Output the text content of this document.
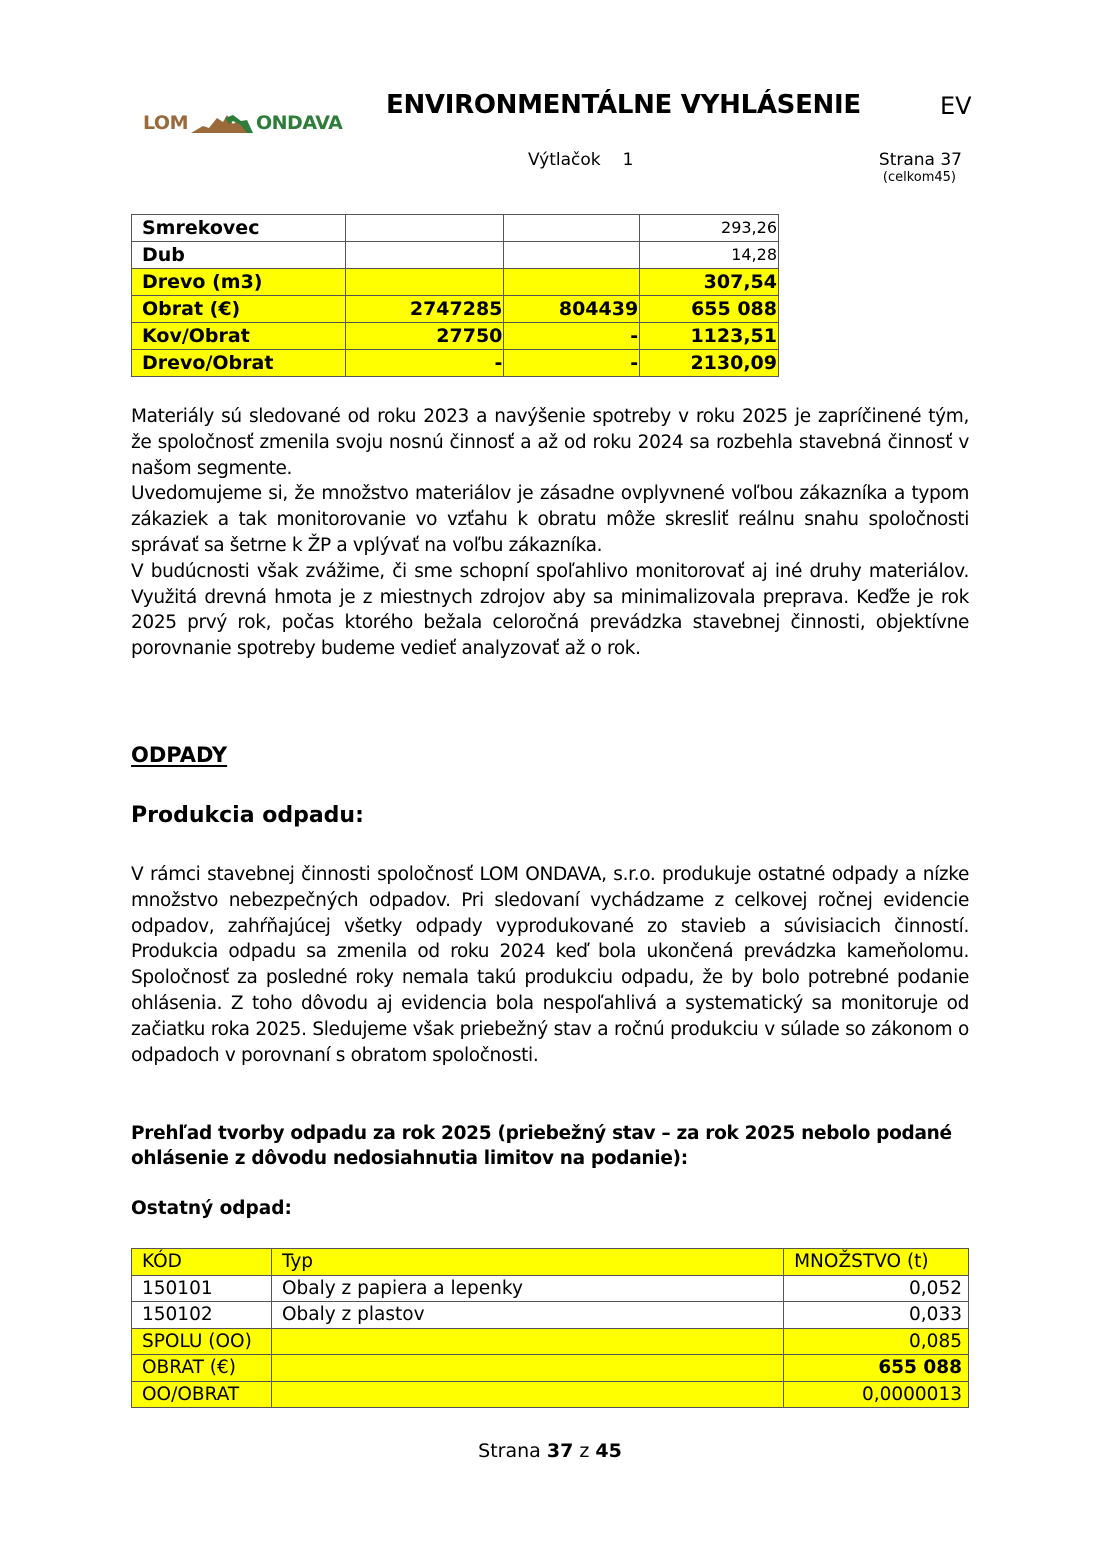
LOM	ONDAVA
ENVIRONMENTÁLNE VYHLÁSENIE	EV
Výtlačok 1	Strana 37
(celkom45)
Smrekovec			293,26
Dub			14,28
Drevo (m3)			307,54
Obrat (€)	2747285	804439	655 088
Kov/Obrat	27750	-	1123,51
Drevo/Obrat	-	-	2130,09

Materiály sú sledované od roku 2023 a navýšenie spotreby v roku 2025 je zapríčinené tým, že spoločnosť zmenila svoju nosnú činnosť a až od roku 2024 sa rozbehla stavebná činnosť v našom segmente.

Uvedomujeme si, že množstvo materiálov je zásadne ovplyvnené voľbou zákazníka a typom zákaziek a tak monitorovanie vo vzťahu k obratu môže skresliť reálnu snahu spoločnosti správať sa šetrne k ŽP a vplývať na voľbu zákazníka.

V budúcnosti však zvážime, či sme schopní spoľahlivo monitorovať aj iné druhy materiálov. Využitá drevná hmota je z miestnych zdrojov aby sa minimalizovala preprava. Keďže je rok 2025 prvý rok, počas ktorého bežala celoročná prevádzka stavebnej činnosti, objektívne porovnanie spotreby budeme vedieť analyzovať až o rok.

ODPADY
Produkcia odpadu:

V rámci stavebnej činnosti spoločnosť LOM ONDAVA, s.r.o. produkuje ostatné odpady a nízke množstvo nebezpečných odpadov. Pri sledovaní vychádzame z celkovej ročnej evidencie odpadov, zahŕňajúcej všetky odpady vyprodukované zo stavieb a súvisiacich činností. Produkcia odpadu sa zmenila od roku 2024 keď bola ukončená prevádzka kameňolomu. Spoločnosť za posledné roky nemala takú produkciu odpadu, že by bolo potrebné podanie ohlásenia. Z toho dôvodu aj evidencia bola nespoľahlivá a systematický sa monitoruje od začiatku roka 2025. Sledujeme však priebežný stav a ročnú produkciu v súlade so zákonom o odpadoch v porovnaní s obratom spoločnosti.

Prehľad tvorby odpadu za rok 2025 (priebežný stav – za rok 2025 nebolo podané ohlásenie z dôvodu nedosiahnutia limitov na podanie):
Ostatný odpad:
KÓD	Typ	MNOŽSTVO (t)
150101	Obaly z papiera a lepenky	0,052
150102	Obaly z plastov	0,033
SPOLU (OO)		0,085
OBRAT (€)		655 088
OO/OBRAT		0,0000013
Strana 37 z 45
